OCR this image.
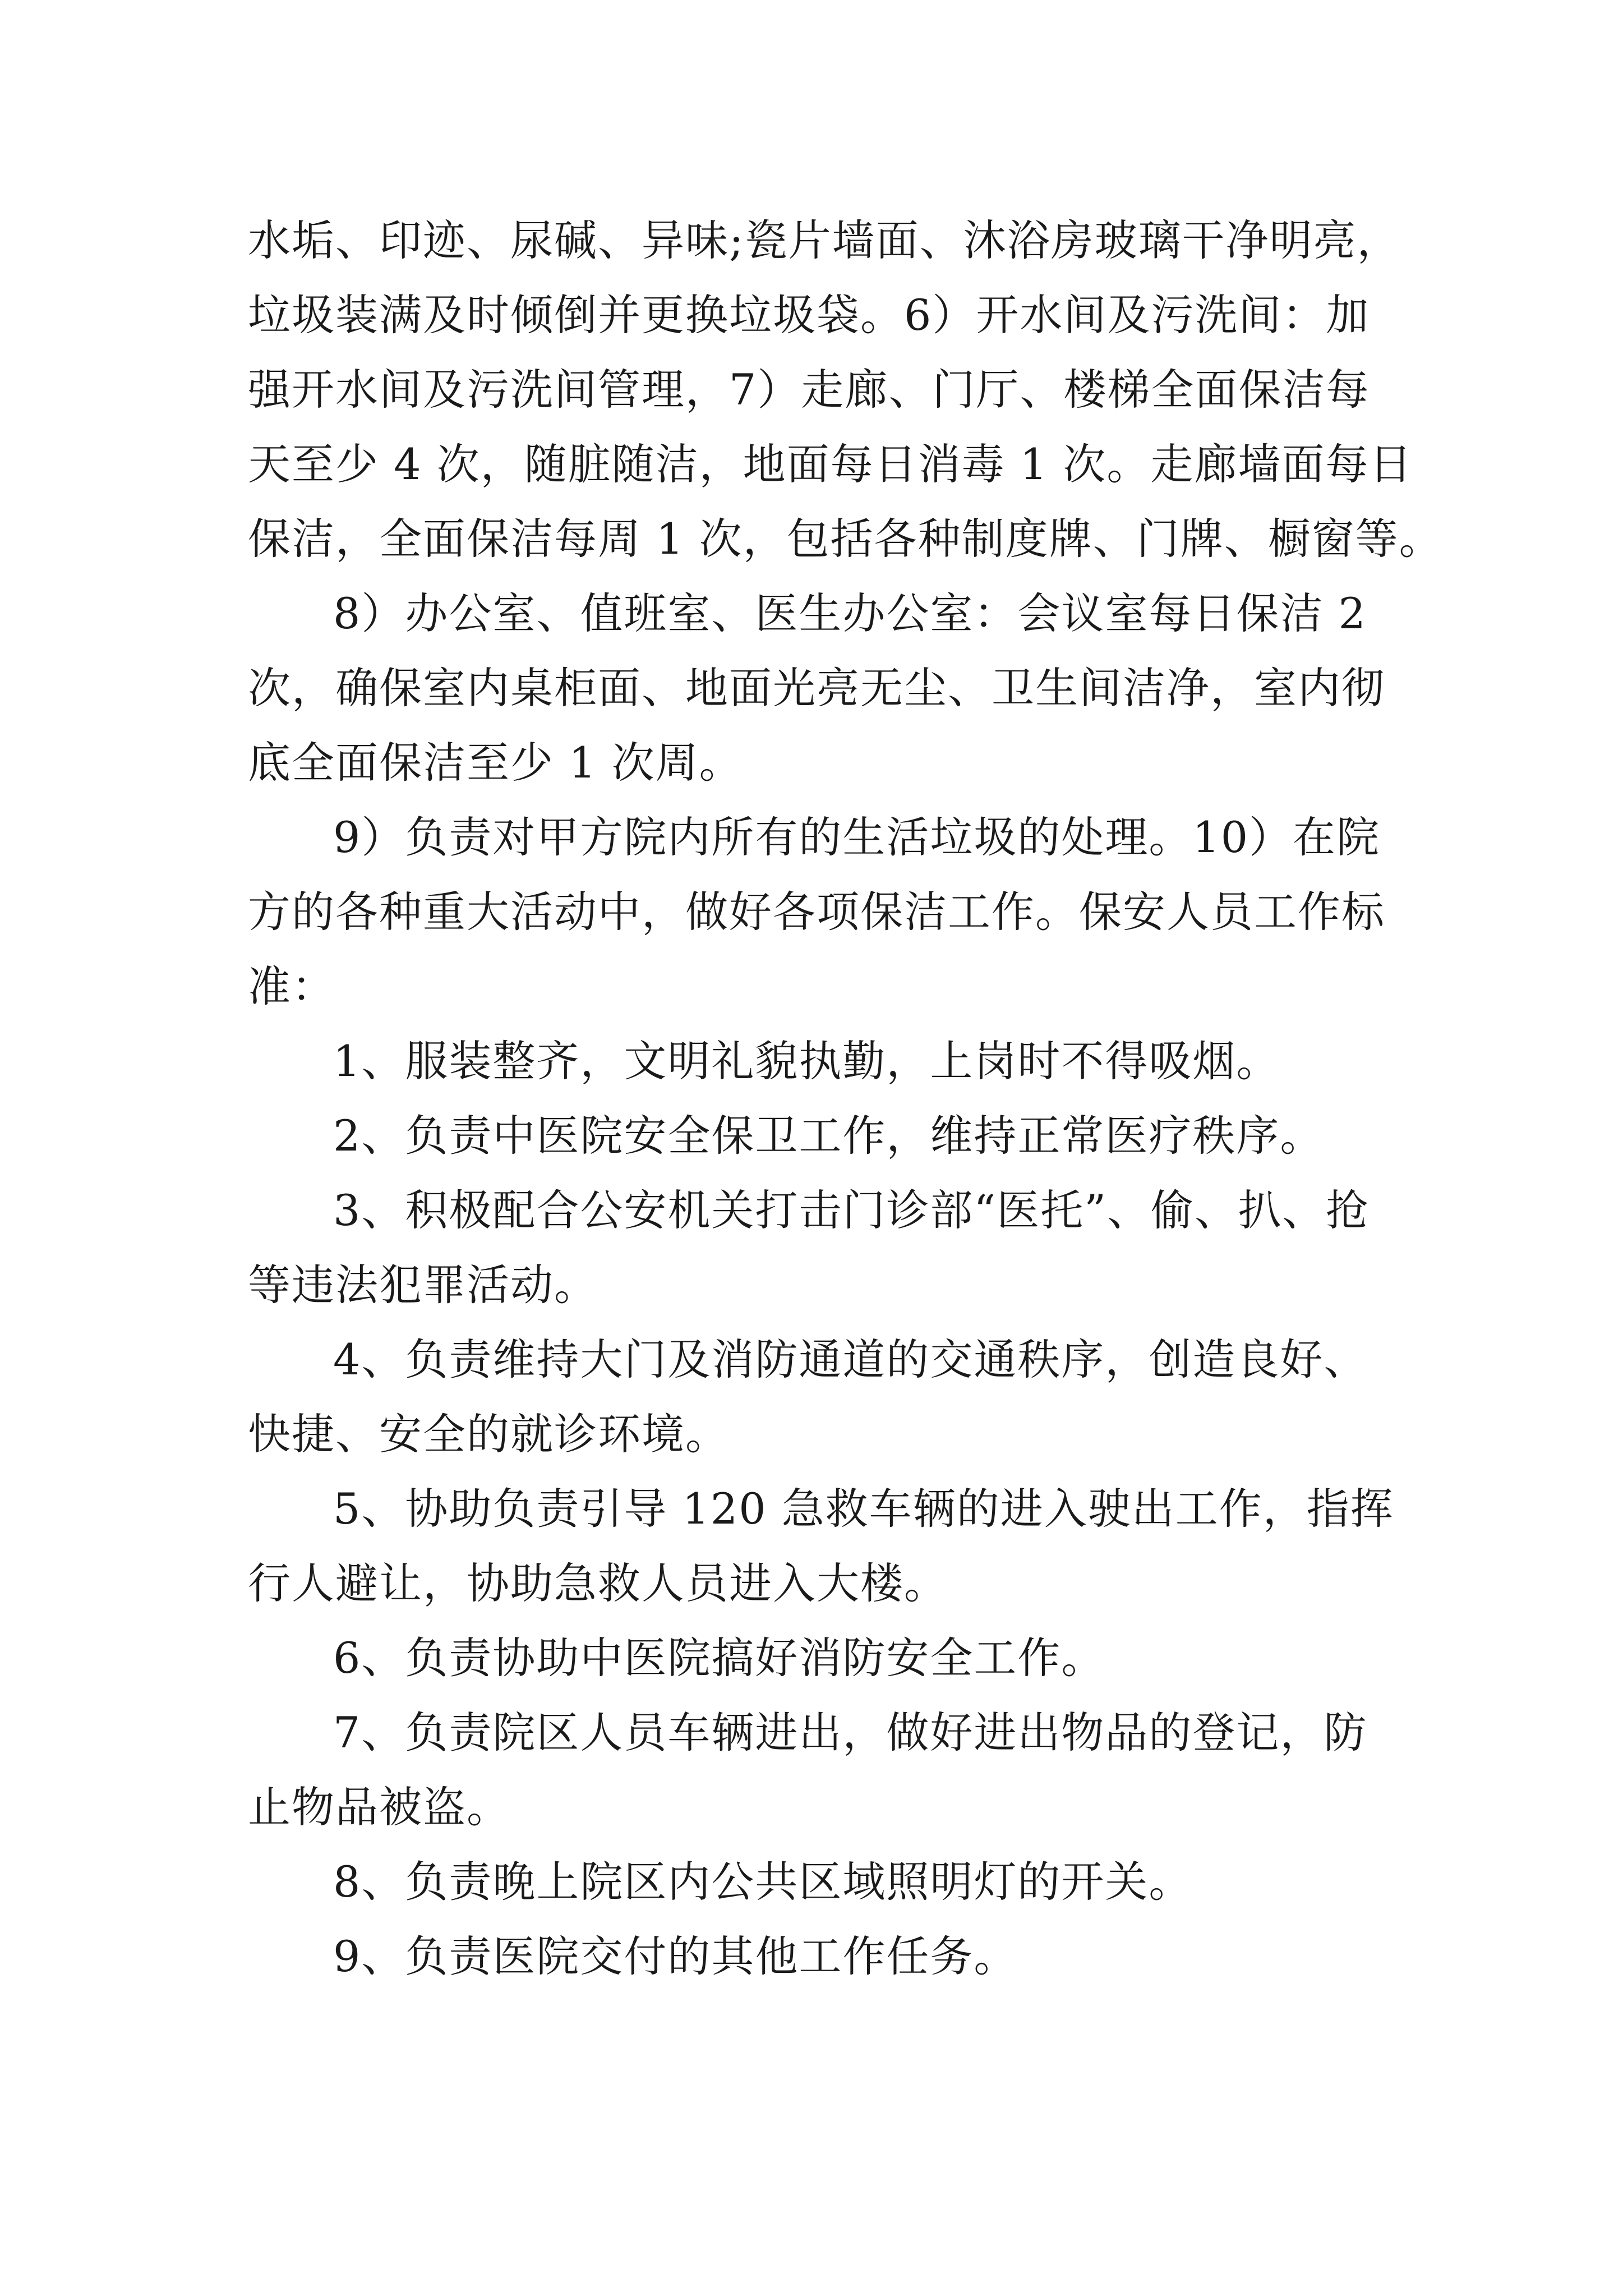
水垢、印迹、尿碱、异味;瓷片墙面、沐浴房玻璃干净明亮，
垃圾装满及时倾倒并更换垃圾袋。6）开水间及污洗间：加
强开水间及污洗间管理，7）走廊、门厅、楼梯全面保洁每
天至少 4 次，随脏随洁，地面每日消毒 1 次。走廊墙面每日
保洁，全面保洁每周 1 次，包括各种制度牌、门牌、橱窗等。

8）办公室、值班室、医生办公室：会议室每日保洁 2
次，确保室内桌柜面、地面光亮无尘、卫生间洁净，室内彻
底全面保洁至少 1 次周。

9）负责对甲方院内所有的生活垃圾的处理。10）在院
方的各种重大活动中，做好各项保洁工作。保安人员工作标
准：

1、服装整齐，文明礼貌执勤，上岗时不得吸烟。

2、负责中医院安全保卫工作，维持正常医疗秩序。

3、积极配合公安机关打击门诊部“医托”、偷、扒、抢
等违法犯罪活动。

4、负责维持大门及消防通道的交通秩序，创造良好、
快捷、安全的就诊环境。

5、协助负责引导 120 急救车辆的进入驶出工作，指挥
行人避让，协助急救人员进入大楼。

6、负责协助中医院搞好消防安全工作。

7、负责院区人员车辆进出，做好进出物品的登记，防
止物品被盗。

8、负责晚上院区内公共区域照明灯的开关。

9、负责医院交付的其他工作任务。
